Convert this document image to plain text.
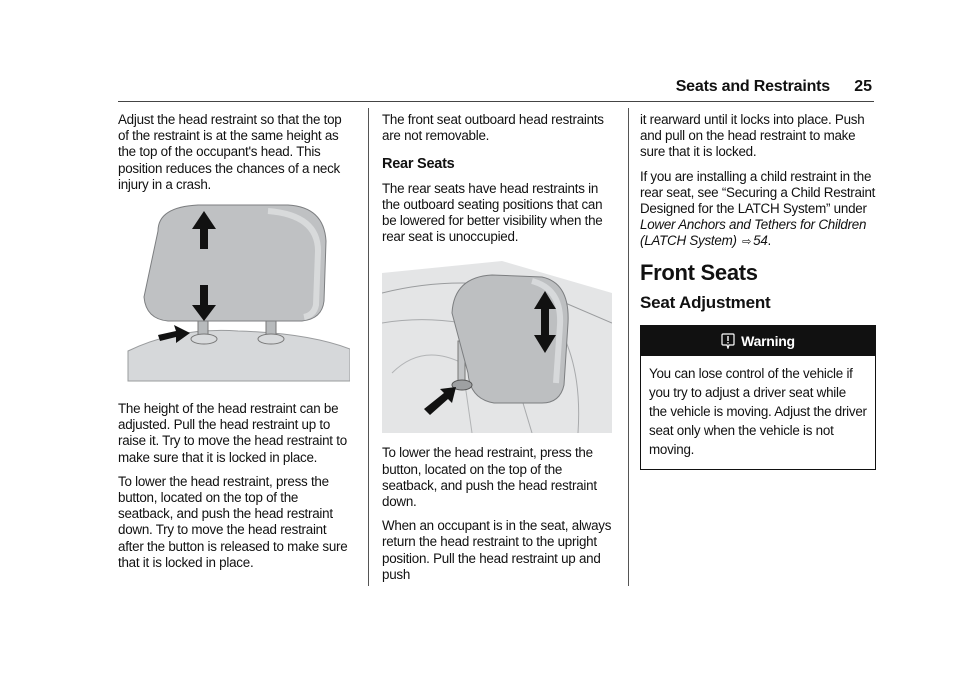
Seats and Restraints 25

Adjust the head restraint so that the top of the restraint is at the same height as the top of the occupant's head. This position reduces the chances of a neck injury in a crash.

The height of the head restraint can be adjusted. Pull the head restraint up to raise it. Try to move the head restraint to make sure that it is locked in place.

To lower the head restraint, press the button, located on the top of the seatback, and push the head restraint down. Try to move the head restraint after the button is released to make sure that it is locked in place.

The front seat outboard head restraints are not removable.

Rear Seats

The rear seats have head restraints in the outboard seating positions that can be lowered for better visibility when the rear seat is unoccupied.

To lower the head restraint, press the button, located on the top of the seatback, and push the head restraint down.

When an occupant is in the seat, always return the head restraint to the upright position. Pull the head restraint up and push

it rearward until it locks into place. Push and pull on the head restraint to make sure that it is locked.

If you are installing a child restraint in the rear seat, see “Securing a Child Restraint Designed for the LATCH System” under Lower Anchors and Tethers for Children (LATCH System) ⇨ 54.

Front Seats
Seat Adjustment
Warning
You can lose control of the vehicle if you try to adjust a driver seat while the vehicle is moving. Adjust the driver seat only when the vehicle is not moving.
